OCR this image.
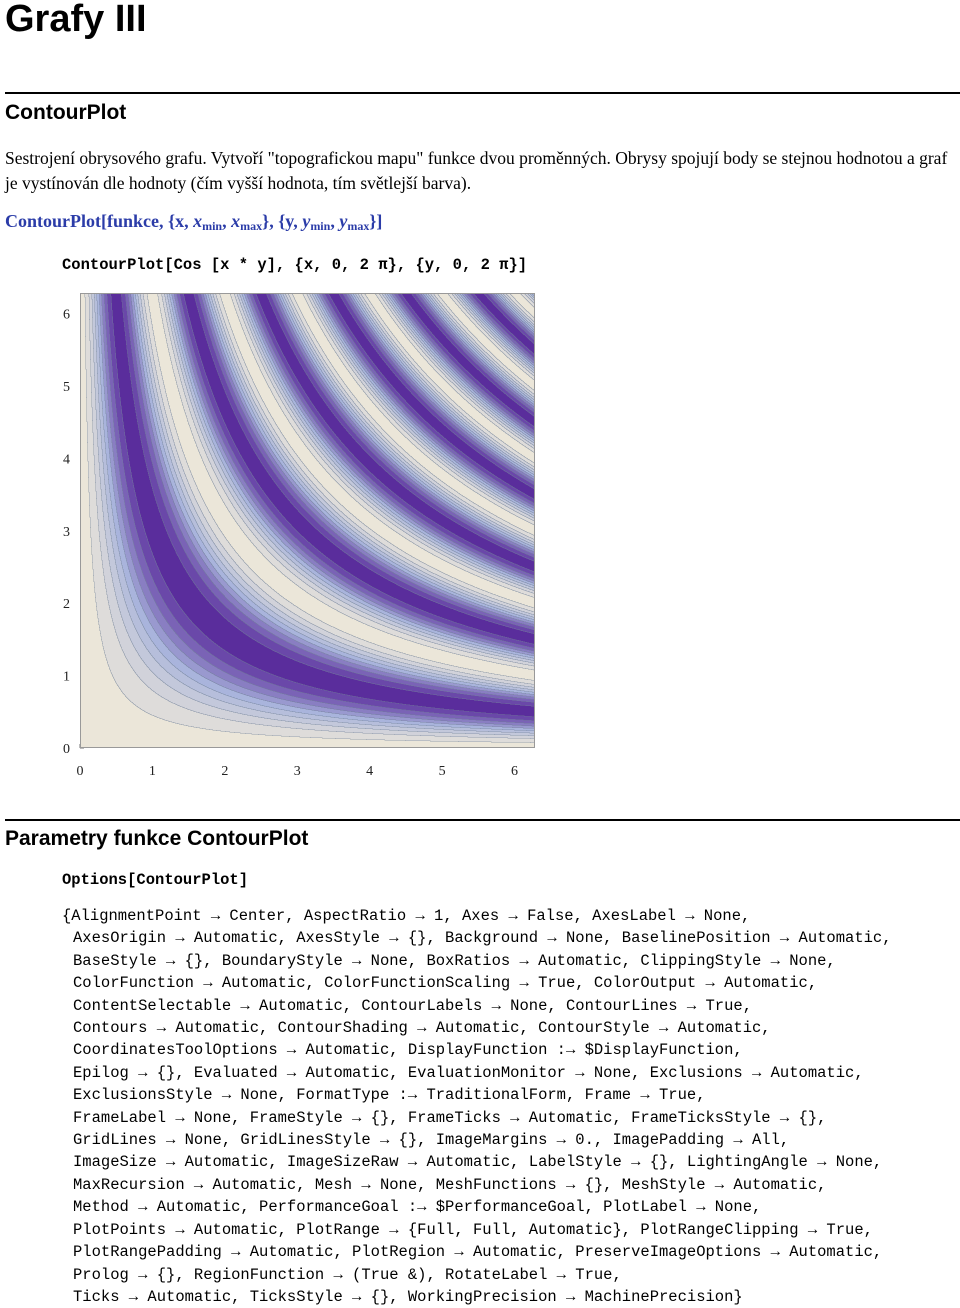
Grafy III
ContourPlot
Sestrojení obrysového grafu. Vytvoří "topografickou mapu" funkce dvou proměnných. Obrysy spojují body se stejnou hodnotou a graf je vystínován dle hodnoty (čím vyšší hodnota, tím světlejší barva).
ContourPlot[funkce, {x, $x_{min}$, $x_{max}$}, {y, $y_{min}$, $y_{max}$}]
ContourPlot[Cos [x * y], {x, 0, 2 π}, {y, 0, 2 π}]
0
1
2
3
4
5
6
0	1	2	3	4	5	6
Parametry funkce ContourPlot
Options[ContourPlot]
{AlignmentPoint → Center, AspectRatio → 1, Axes → False, AxesLabel → None,
AxesOrigin → Automatic, AxesStyle → {}, Background → None, BaselinePosition → Automatic,
BaseStyle → {}, BoundaryStyle → None, BoxRatios → Automatic, ClippingStyle → None,
ColorFunction → Automatic, ColorFunctionScaling → True, ColorOutput → Automatic,
ContentSelectable → Automatic, ContourLabels → None, ContourLines → True,
Contours → Automatic, ContourShading → Automatic, ContourStyle → Automatic,
CoordinatesToolOptions → Automatic, DisplayFunction :→ $DisplayFunction,
Epilog → {}, Evaluated → Automatic, EvaluationMonitor → None, Exclusions → Automatic,
ExclusionsStyle → None, FormatType :→ TraditionalForm, Frame → True,
FrameLabel → None, FrameStyle → {}, FrameTicks → Automatic, FrameTicksStyle → {},
GridLines → None, GridLinesStyle → {}, ImageMargins → 0., ImagePadding → All,
ImageSize → Automatic, ImageSizeRaw → Automatic, LabelStyle → {}, LightingAngle → None,
MaxRecursion → Automatic, Mesh → None, MeshFunctions → {}, MeshStyle → Automatic,
Method → Automatic, PerformanceGoal :→ $PerformanceGoal, PlotLabel → None,
PlotPoints → Automatic, PlotRange → {Full, Full, Automatic}, PlotRangeClipping → True,
PlotRangePadding → Automatic, PlotRegion → Automatic, PreserveImageOptions → Automatic,
Prolog → {}, RegionFunction → (True &), RotateLabel → True,
Ticks → Automatic, TicksStyle → {}, WorkingPrecision → MachinePrecision}
